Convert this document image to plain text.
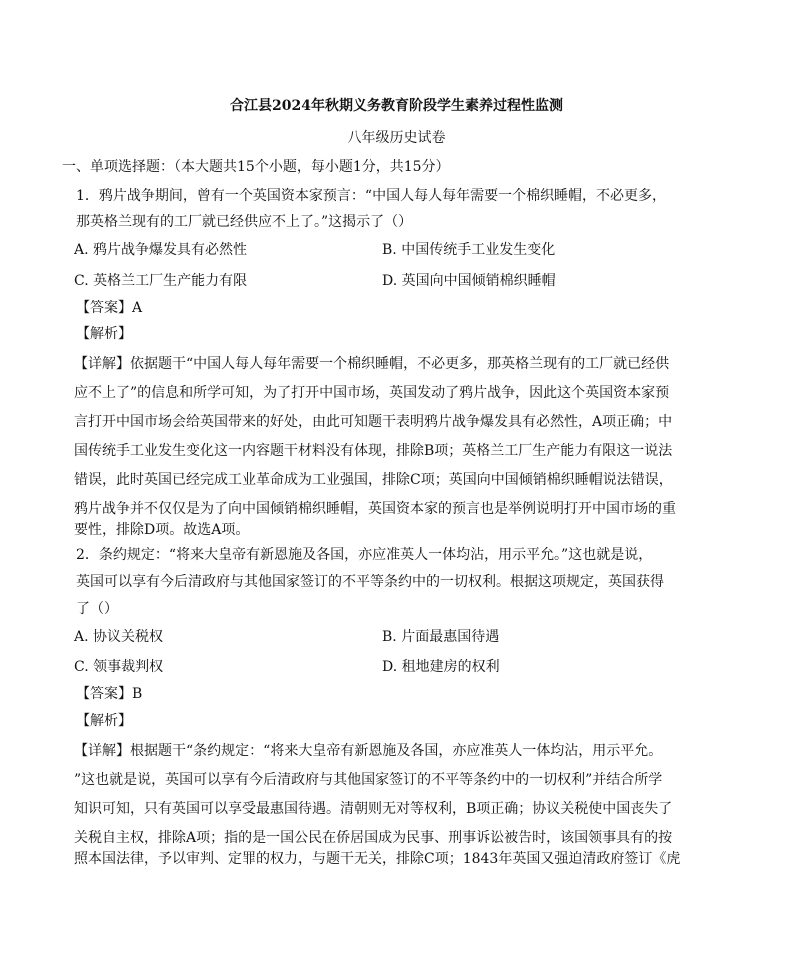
合江县2024年秋期义务教育阶段学生素养过程性监测
八年级历史试卷
一、单项选择题：（本大题共15个小题，每小题1分，共15分）
1．鸦片战争期间，曾有一个英国资本家预言：“中国人每人每年需要一个棉织睡帽，不必更多，
那英格兰现有的工厂就已经供应不上了。”这揭示了（）
A. 鸦片战争爆发具有必然性	B. 中国传统手工业发生变化
C. 英格兰工厂生产能力有限	D. 英国向中国倾销棉织睡帽
【答案】A
【解析】
【详解】依据题干“中国人每人每年需要一个棉织睡帽，不必更多，那英格兰现有的工厂就已经供
应不上了”的信息和所学可知，为了打开中国市场，英国发动了鸦片战争，因此这个英国资本家预
言打开中国市场会给英国带来的好处，由此可知题干表明鸦片战争爆发具有必然性，A项正确；中
国传统手工业发生变化这一内容题干材料没有体现，排除B项；英格兰工厂生产能力有限这一说法
错误，此时英国已经完成工业革命成为工业强国，排除C项；英国向中国倾销棉织睡帽说法错误，
鸦片战争并不仅仅是为了向中国倾销棉织睡帽，英国资本家的预言也是举例说明打开中国市场的重
要性，排除D项。故选A项。
2．条约规定：“将来大皇帝有新恩施及各国，亦应准英人一体均沾，用示平允。”这也就是说，
英国可以享有今后清政府与其他国家签订的不平等条约中的一切权利。根据这项规定，英国获得
了（）
A. 协议关税权	B. 片面最惠国待遇
C. 领事裁判权	D. 租地建房的权利
【答案】B
【解析】
【详解】根据题干“条约规定：“将来大皇帝有新恩施及各国，亦应准英人一体均沾，用示平允。
”这也就是说，英国可以享有今后清政府与其他国家签订的不平等条约中的一切权利”并结合所学
知识可知，只有英国可以享受最惠国待遇。清朝则无对等权利，B项正确；协议关税使中国丧失了
关税自主权，排除A项；指的是一国公民在侨居国成为民事、刑事诉讼被告时，该国领事具有的按
照本国法律，予以审判、定罪的权力，与题干无关，排除C项；1843年英国又强迫清政府签订《虎
